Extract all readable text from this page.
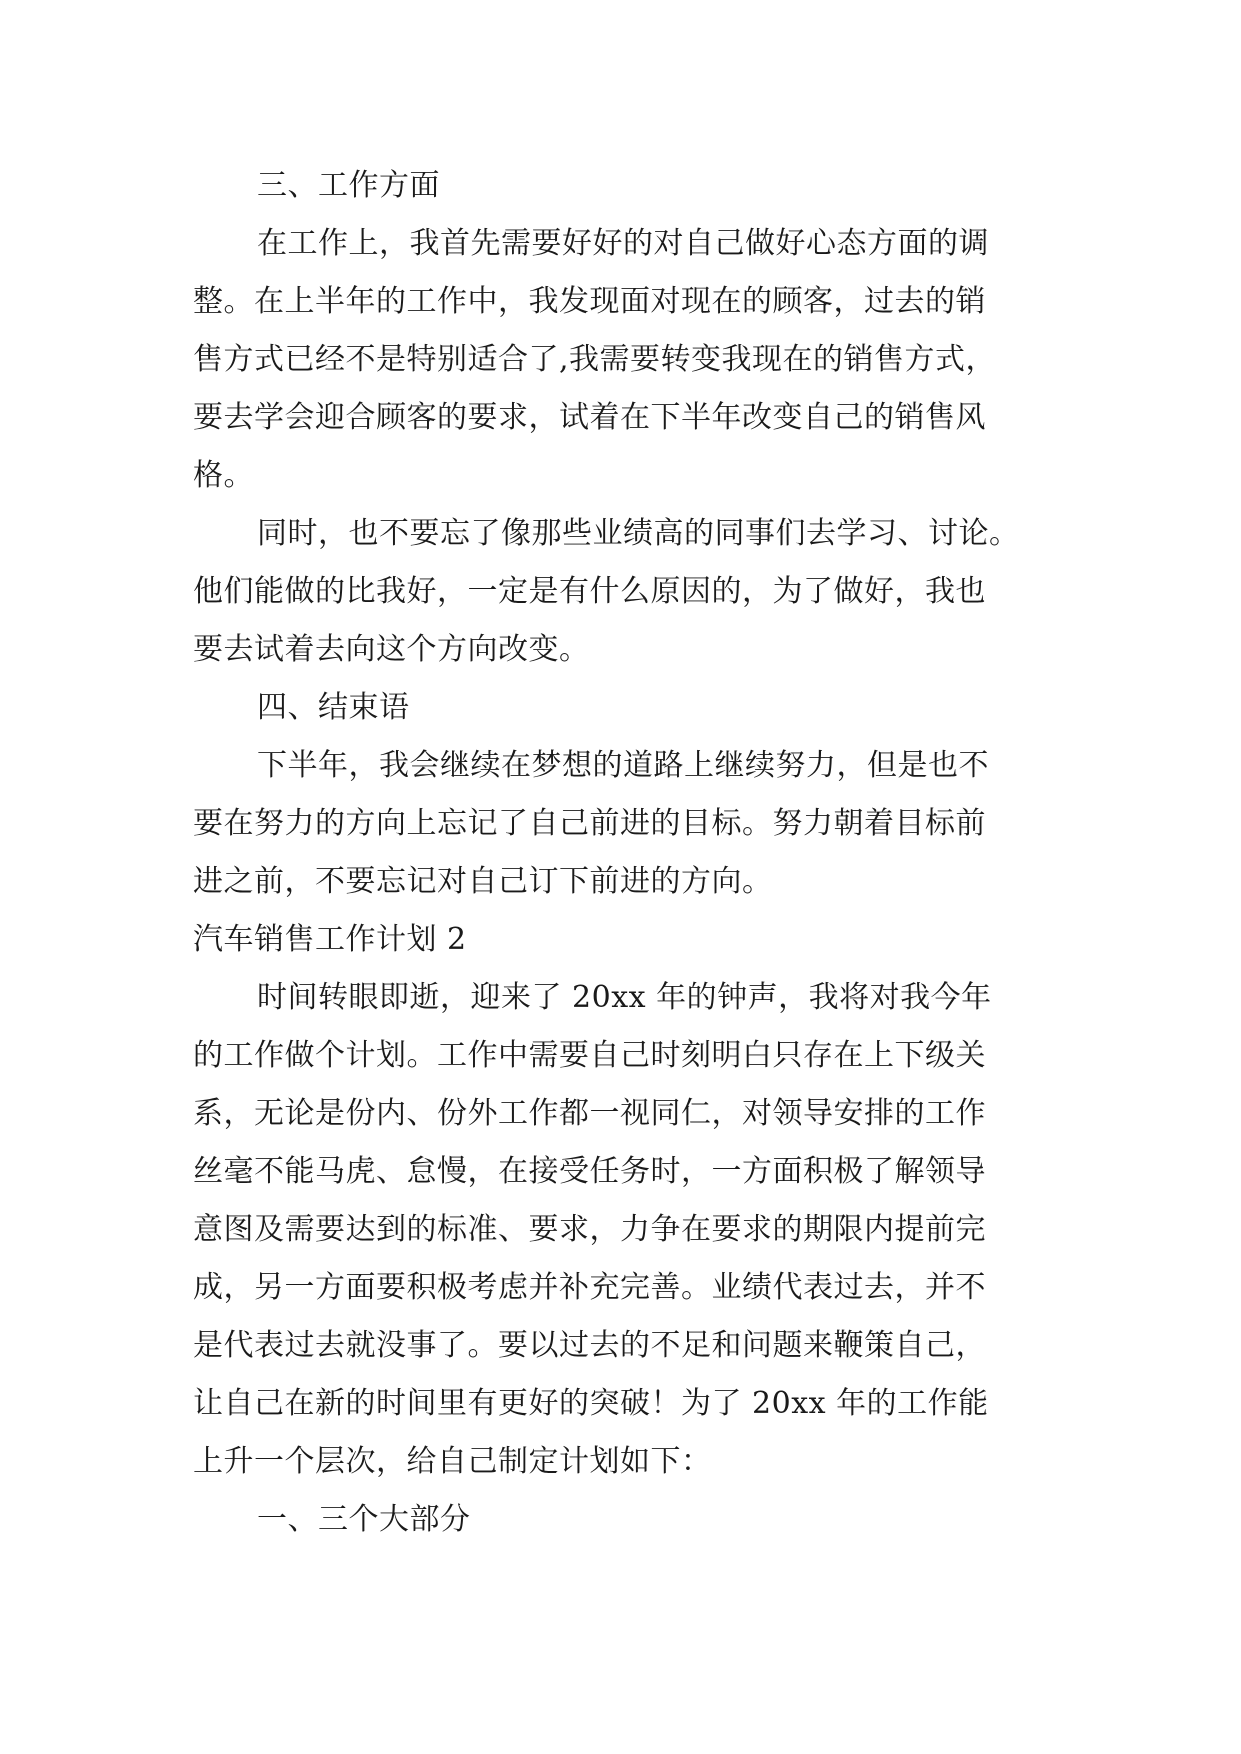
三、工作方面
在工作上，我首先需要好好的对自己做好心态方面的调
整。在上半年的工作中，我发现面对现在的顾客，过去的销
售方式已经不是特别适合了,我需要转变我现在的销售方式，
要去学会迎合顾客的要求，试着在下半年改变自己的销售风
格。
同时，也不要忘了像那些业绩高的同事们去学习、讨论。
他们能做的比我好，一定是有什么原因的，为了做好，我也
要去试着去向这个方向改变。
四、结束语
下半年，我会继续在梦想的道路上继续努力，但是也不
要在努力的方向上忘记了自己前进的目标。努力朝着目标前
进之前，不要忘记对自己订下前进的方向。
汽车销售工作计划 2
时间转眼即逝，迎来了 20xx 年的钟声，我将对我今年
的工作做个计划。工作中需要自己时刻明白只存在上下级关
系，无论是份内、份外工作都一视同仁，对领导安排的工作
丝毫不能马虎、怠慢，在接受任务时，一方面积极了解领导
意图及需要达到的标准、要求，力争在要求的期限内提前完
成，另一方面要积极考虑并补充完善。业绩代表过去，并不
是代表过去就没事了。要以过去的不足和问题来鞭策自己，
让自己在新的时间里有更好的突破！为了 20xx 年的工作能
上升一个层次，给自己制定计划如下：
一、三个大部分
